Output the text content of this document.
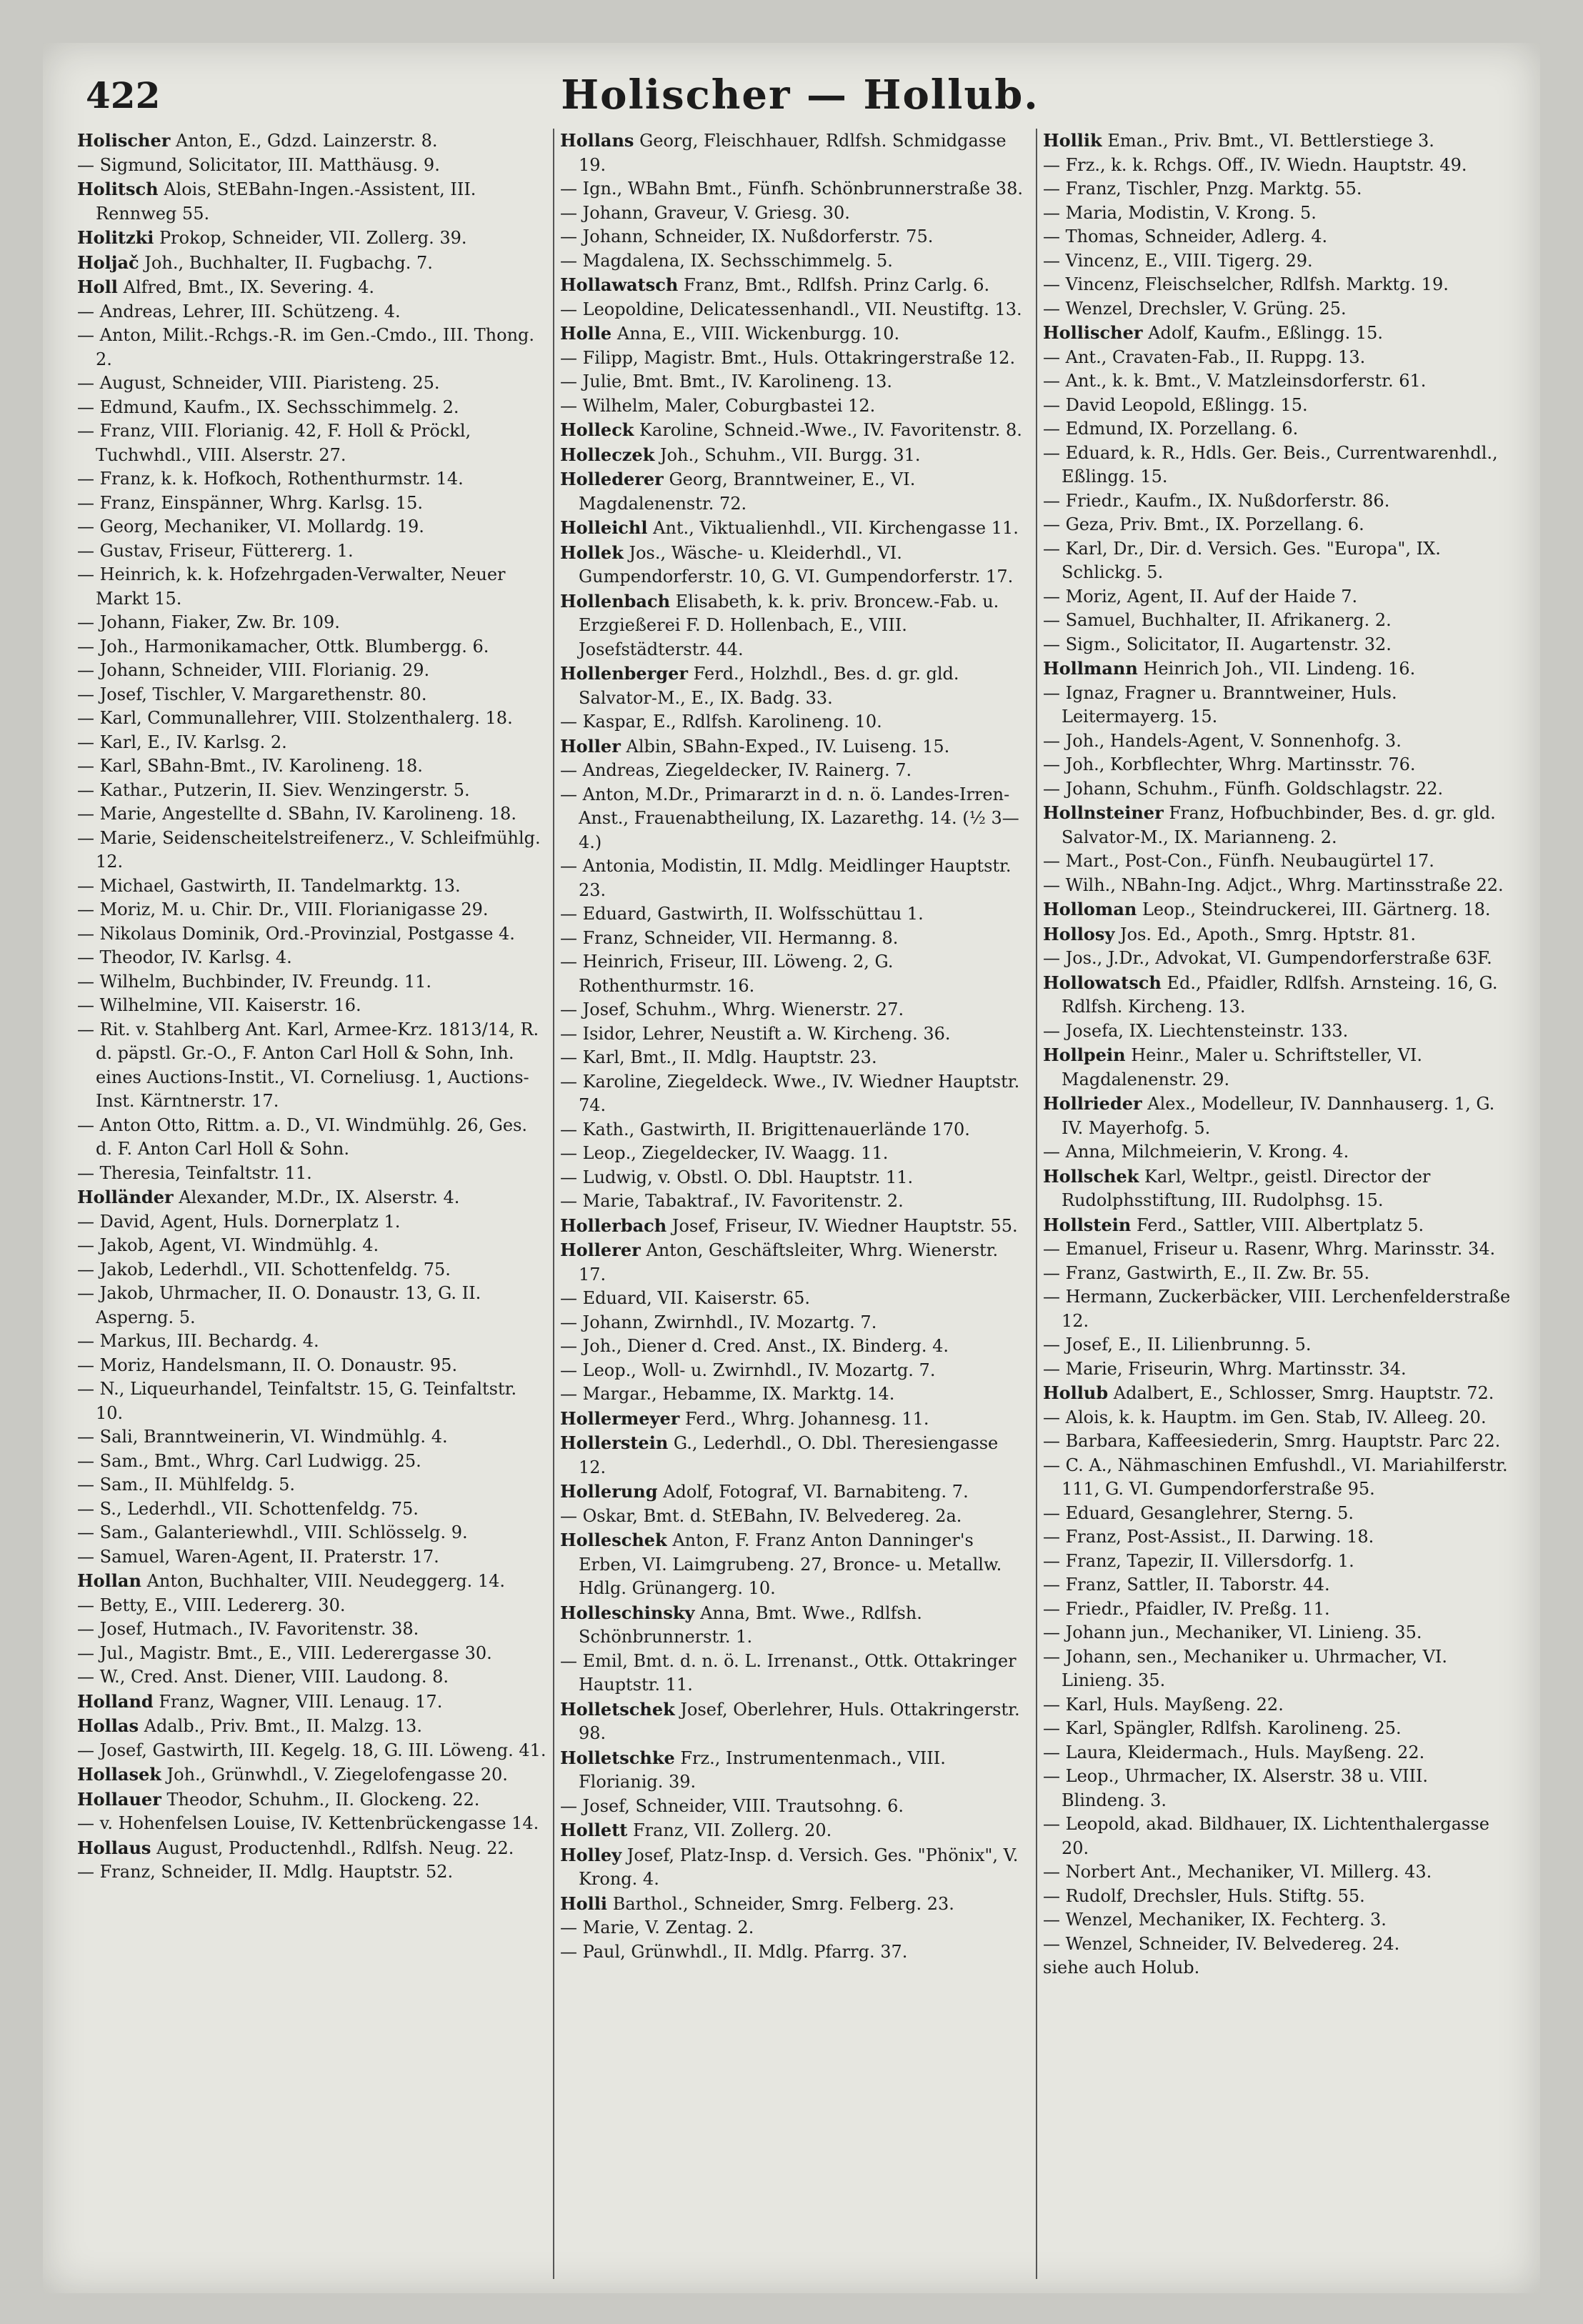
422	Holischer — Hollub.

Holischer Anton, E., Gdzd. Lainzerstr. 8.

— Sigmund, Solicitator, III. Matthäusg. 9.

Holitsch Alois, StEBahn-Ingen.-Assistent, III. Rennweg 55.

Holitzki Prokop, Schneider, VII. Zollerg. 39.

Holjač Joh., Buchhalter, II. Fugbachg. 7.

Holl Alfred, Bmt., IX. Severing. 4.

— Andreas, Lehrer, III. Schützeng. 4.

— Anton, Milit.-Rchgs.-R. im Gen.-Cmdo., III. Thong. 2.

— August, Schneider, VIII. Piaristeng. 25.

— Edmund, Kaufm., IX. Sechsschimmelg. 2.

— Franz, VIII. Florianig. 42, F. Holl & Pröckl, Tuchwhdl., VIII. Alserstr. 27.

— Franz, k. k. Hofkoch, Rothenthurmstr. 14.

— Franz, Einspänner, Whrg. Karlsg. 15.

— Georg, Mechaniker, VI. Mollardg. 19.

— Gustav, Friseur, Füttererg. 1.

— Heinrich, k. k. Hofzehrgaden-Verwalter, Neuer Markt 15.

— Johann, Fiaker, Zw. Br. 109.

— Joh., Harmonikamacher, Ottk. Blumbergg. 6.

— Johann, Schneider, VIII. Florianig. 29.

— Josef, Tischler, V. Margarethenstr. 80.

— Karl, Communallehrer, VIII. Stolzenthalerg. 18.

— Karl, E., IV. Karlsg. 2.

— Karl, SBahn-Bmt., IV. Karolineng. 18.

— Kathar., Putzerin, II. Siev. Wenzingerstr. 5.

— Marie, Angestellte d. SBahn, IV. Karolineng. 18.

— Marie, Seidenscheitelstreifenerz., V. Schleifmühlg. 12.

— Michael, Gastwirth, II. Tandelmarktg. 13.

— Moriz, M. u. Chir. Dr., VIII. Florianigasse 29.

— Nikolaus Dominik, Ord.-Provinzial, Postgasse 4.

— Theodor, IV. Karlsg. 4.

— Wilhelm, Buchbinder, IV. Freundg. 11.

— Wilhelmine, VII. Kaiserstr. 16.

— Rit. v. Stahlberg Ant. Karl, Armee-Krz. 1813/14, R. d. päpstl. Gr.-O., F. Anton Carl Holl & Sohn, Inh. eines Auctions-Instit., VI. Corneliusg. 1, Auctions-Inst. Kärntnerstr. 17.

— Anton Otto, Rittm. a. D., VI. Windmühlg. 26, Ges. d. F. Anton Carl Holl & Sohn.

— Theresia, Teinfaltstr. 11.

Holländer Alexander, M.Dr., IX. Alserstr. 4.

— David, Agent, Huls. Dornerplatz 1.

— Jakob, Agent, VI. Windmühlg. 4.

— Jakob, Lederhdl., VII. Schottenfeldg. 75.

— Jakob, Uhrmacher, II. O. Donaustr. 13, G. II. Asperng. 5.

— Markus, III. Bechardg. 4.

— Moriz, Handelsmann, II. O. Donaustr. 95.

— N., Liqueurhandel, Teinfaltstr. 15, G. Teinfaltstr. 10.

— Sali, Branntweinerin, VI. Windmühlg. 4.

— Sam., Bmt., Whrg. Carl Ludwigg. 25.

— Sam., II. Mühlfeldg. 5.

— S., Lederhdl., VII. Schottenfeldg. 75.

— Sam., Galanteriewhdl., VIII. Schlösselg. 9.

— Samuel, Waren-Agent, II. Praterstr. 17.

Hollan Anton, Buchhalter, VIII. Neudeggerg. 14.

— Betty, E., VIII. Ledererg. 30.

— Josef, Hutmach., IV. Favoritenstr. 38.

— Jul., Magistr. Bmt., E., VIII. Lederergasse 30.

— W., Cred. Anst. Diener, VIII. Laudong. 8.

Holland Franz, Wagner, VIII. Lenaug. 17.

Hollas Adalb., Priv. Bmt., II. Malzg. 13.

— Josef, Gastwirth, III. Kegelg. 18, G. III. Löweng. 41.

Hollasek Joh., Grünwhdl., V. Ziegelofengasse 20.

Hollauer Theodor, Schuhm., II. Glockeng. 22.

— v. Hohenfelsen Louise, IV. Kettenbrückengasse 14.

Hollaus August, Productenhdl., Rdlfsh. Neug. 22.

— Franz, Schneider, II. Mdlg. Hauptstr. 52.

Hollans Georg, Fleischhauer, Rdlfsh. Schmidgasse 19.

— Ign., WBahn Bmt., Fünfh. Schönbrunnerstraße 38.

— Johann, Graveur, V. Griesg. 30.

— Johann, Schneider, IX. Nußdorferstr. 75.

— Magdalena, IX. Sechsschimmelg. 5.

Hollawatsch Franz, Bmt., Rdlfsh. Prinz Carlg. 6.

— Leopoldine, Delicatessenhandl., VII. Neustiftg. 13.

Holle Anna, E., VIII. Wickenburgg. 10.

— Filipp, Magistr. Bmt., Huls. Ottakringerstraße 12.

— Julie, Bmt. Bmt., IV. Karolineng. 13.

— Wilhelm, Maler, Coburgbastei 12.

Holleck Karoline, Schneid.-Wwe., IV. Favoritenstr. 8.

Holleczek Joh., Schuhm., VII. Burgg. 31.

Hollederer Georg, Branntweiner, E., VI. Magdalenenstr. 72.

Holleichl Ant., Viktualienhdl., VII. Kirchengasse 11.

Hollek Jos., Wäsche- u. Kleiderhdl., VI. Gumpendorferstr. 10, G. VI. Gumpendorferstr. 17.

Hollenbach Elisabeth, k. k. priv. Broncew.-Fab. u. Erzgießerei F. D. Hollenbach, E., VIII. Josefstädterstr. 44.

Hollenberger Ferd., Holzhdl., Bes. d. gr. gld. Salvator-M., E., IX. Badg. 33.

— Kaspar, E., Rdlfsh. Karolineng. 10.

Holler Albin, SBahn-Exped., IV. Luiseng. 15.

— Andreas, Ziegeldecker, IV. Rainerg. 7.

— Anton, M.Dr., Primararzt in d. n. ö. Landes-Irren-Anst., Frauenabtheilung, IX. Lazarethg. 14. (½ 3—4.)

— Antonia, Modistin, II. Mdlg. Meidlinger Hauptstr. 23.

— Eduard, Gastwirth, II. Wolfsschüttau 1.

— Franz, Schneider, VII. Hermanng. 8.

— Heinrich, Friseur, III. Löweng. 2, G. Rothenthurmstr. 16.

— Josef, Schuhm., Whrg. Wienerstr. 27.

— Isidor, Lehrer, Neustift a. W. Kircheng. 36.

— Karl, Bmt., II. Mdlg. Hauptstr. 23.

— Karoline, Ziegeldeck. Wwe., IV. Wiedner Hauptstr. 74.

— Kath., Gastwirth, II. Brigittenauerlände 170.

— Leop., Ziegeldecker, IV. Waagg. 11.

— Ludwig, v. Obstl. O. Dbl. Hauptstr. 11.

— Marie, Tabaktraf., IV. Favoritenstr. 2.

Hollerbach Josef, Friseur, IV. Wiedner Hauptstr. 55.

Hollerer Anton, Geschäftsleiter, Whrg. Wienerstr. 17.

— Eduard, VII. Kaiserstr. 65.

— Johann, Zwirnhdl., IV. Mozartg. 7.

— Joh., Diener d. Cred. Anst., IX. Binderg. 4.

— Leop., Woll- u. Zwirnhdl., IV. Mozartg. 7.

— Margar., Hebamme, IX. Marktg. 14.

Hollermeyer Ferd., Whrg. Johannesg. 11.

Hollerstein G., Lederhdl., O. Dbl. Theresiengasse 12.

Hollerung Adolf, Fotograf, VI. Barnabiteng. 7.

— Oskar, Bmt. d. StEBahn, IV. Belvedereg. 2a.

Holleschek Anton, F. Franz Anton Danninger's Erben, VI. Laimgrubeng. 27, Bronce- u. Metallw. Hdlg. Grünangerg. 10.

Holleschinsky Anna, Bmt. Wwe., Rdlfsh. Schönbrunnerstr. 1.

— Emil, Bmt. d. n. ö. L. Irrenanst., Ottk. Ottakringer Hauptstr. 11.

Holletschek Josef, Oberlehrer, Huls. Ottakringerstr. 98.

Holletschke Frz., Instrumentenmach., VIII. Florianig. 39.

— Josef, Schneider, VIII. Trautsohng. 6.

Hollett Franz, VII. Zollerg. 20.

Holley Josef, Platz-Insp. d. Versich. Ges. "Phönix", V. Krong. 4.

Holli Barthol., Schneider, Smrg. Felberg. 23.

— Marie, V. Zentag. 2.

— Paul, Grünwhdl., II. Mdlg. Pfarrg. 37.

Hollik Eman., Priv. Bmt., VI. Bettlerstiege 3.

— Frz., k. k. Rchgs. Off., IV. Wiedn. Hauptstr. 49.

— Franz, Tischler, Pnzg. Marktg. 55.

— Maria, Modistin, V. Krong. 5.

— Thomas, Schneider, Adlerg. 4.

— Vincenz, E., VIII. Tigerg. 29.

— Vincenz, Fleischselcher, Rdlfsh. Marktg. 19.

— Wenzel, Drechsler, V. Grüng. 25.

Hollischer Adolf, Kaufm., Eßlingg. 15.

— Ant., Cravaten-Fab., II. Ruppg. 13.

— Ant., k. k. Bmt., V. Matzleinsdorferstr. 61.

— David Leopold, Eßlingg. 15.

— Edmund, IX. Porzellang. 6.

— Eduard, k. R., Hdls. Ger. Beis., Currentwarenhdl., Eßlingg. 15.

— Friedr., Kaufm., IX. Nußdorferstr. 86.

— Geza, Priv. Bmt., IX. Porzellang. 6.

— Karl, Dr., Dir. d. Versich. Ges. "Europa", IX. Schlickg. 5.

— Moriz, Agent, II. Auf der Haide 7.

— Samuel, Buchhalter, II. Afrikanerg. 2.

— Sigm., Solicitator, II. Augartenstr. 32.

Hollmann Heinrich Joh., VII. Lindeng. 16.

— Ignaz, Fragner u. Branntweiner, Huls. Leitermayerg. 15.

— Joh., Handels-Agent, V. Sonnenhofg. 3.

— Joh., Korbflechter, Whrg. Martinsstr. 76.

— Johann, Schuhm., Fünfh. Goldschlagstr. 22.

Hollnsteiner Franz, Hofbuchbinder, Bes. d. gr. gld. Salvator-M., IX. Marianneng. 2.

— Mart., Post-Con., Fünfh. Neubaugürtel 17.

— Wilh., NBahn-Ing. Adjct., Whrg. Martinsstraße 22.

Holloman Leop., Steindruckerei, III. Gärtnerg. 18.

Hollosy Jos. Ed., Apoth., Smrg. Hptstr. 81.

— Jos., J.Dr., Advokat, VI. Gumpendorferstraße 63F.

Hollowatsch Ed., Pfaidler, Rdlfsh. Arnsteing. 16, G. Rdlfsh. Kircheng. 13.

— Josefa, IX. Liechtensteinstr. 133.

Hollpein Heinr., Maler u. Schriftsteller, VI. Magdalenenstr. 29.

Hollrieder Alex., Modelleur, IV. Dannhauserg. 1, G. IV. Mayerhofg. 5.

— Anna, Milchmeierin, V. Krong. 4.

Hollschek Karl, Weltpr., geistl. Director der Rudolphsstiftung, III. Rudolphsg. 15.

Hollstein Ferd., Sattler, VIII. Albertplatz 5.

— Emanuel, Friseur u. Rasenr, Whrg. Marinsstr. 34.

— Franz, Gastwirth, E., II. Zw. Br. 55.

— Hermann, Zuckerbäcker, VIII. Lerchenfelderstraße 12.

— Josef, E., II. Lilienbrunng. 5.

— Marie, Friseurin, Whrg. Martinsstr. 34.

Hollub Adalbert, E., Schlosser, Smrg. Hauptstr. 72.

— Alois, k. k. Hauptm. im Gen. Stab, IV. Alleeg. 20.

— Barbara, Kaffeesiederin, Smrg. Hauptstr. Parc 22.

— C. A., Nähmaschinen Emfushdl., VI. Mariahilferstr. 111, G. VI. Gumpendorferstraße 95.

— Eduard, Gesanglehrer, Sterng. 5.

— Franz, Post-Assist., II. Darwing. 18.

— Franz, Tapezir, II. Villersdorfg. 1.

— Franz, Sattler, II. Taborstr. 44.

— Friedr., Pfaidler, IV. Preßg. 11.

— Johann jun., Mechaniker, VI. Linieng. 35.

— Johann, sen., Mechaniker u. Uhrmacher, VI. Linieng. 35.

— Karl, Huls. Mayßeng. 22.

— Karl, Spängler, Rdlfsh. Karolineng. 25.

— Laura, Kleidermach., Huls. Mayßeng. 22.

— Leop., Uhrmacher, IX. Alserstr. 38 u. VIII. Blindeng. 3.

— Leopold, akad. Bildhauer, IX. Lichtenthalergasse 20.

— Norbert Ant., Mechaniker, VI. Millerg. 43.

— Rudolf, Drechsler, Huls. Stiftg. 55.

— Wenzel, Mechaniker, IX. Fechterg. 3.

— Wenzel, Schneider, IV. Belvedereg. 24.

siehe auch Holub.
